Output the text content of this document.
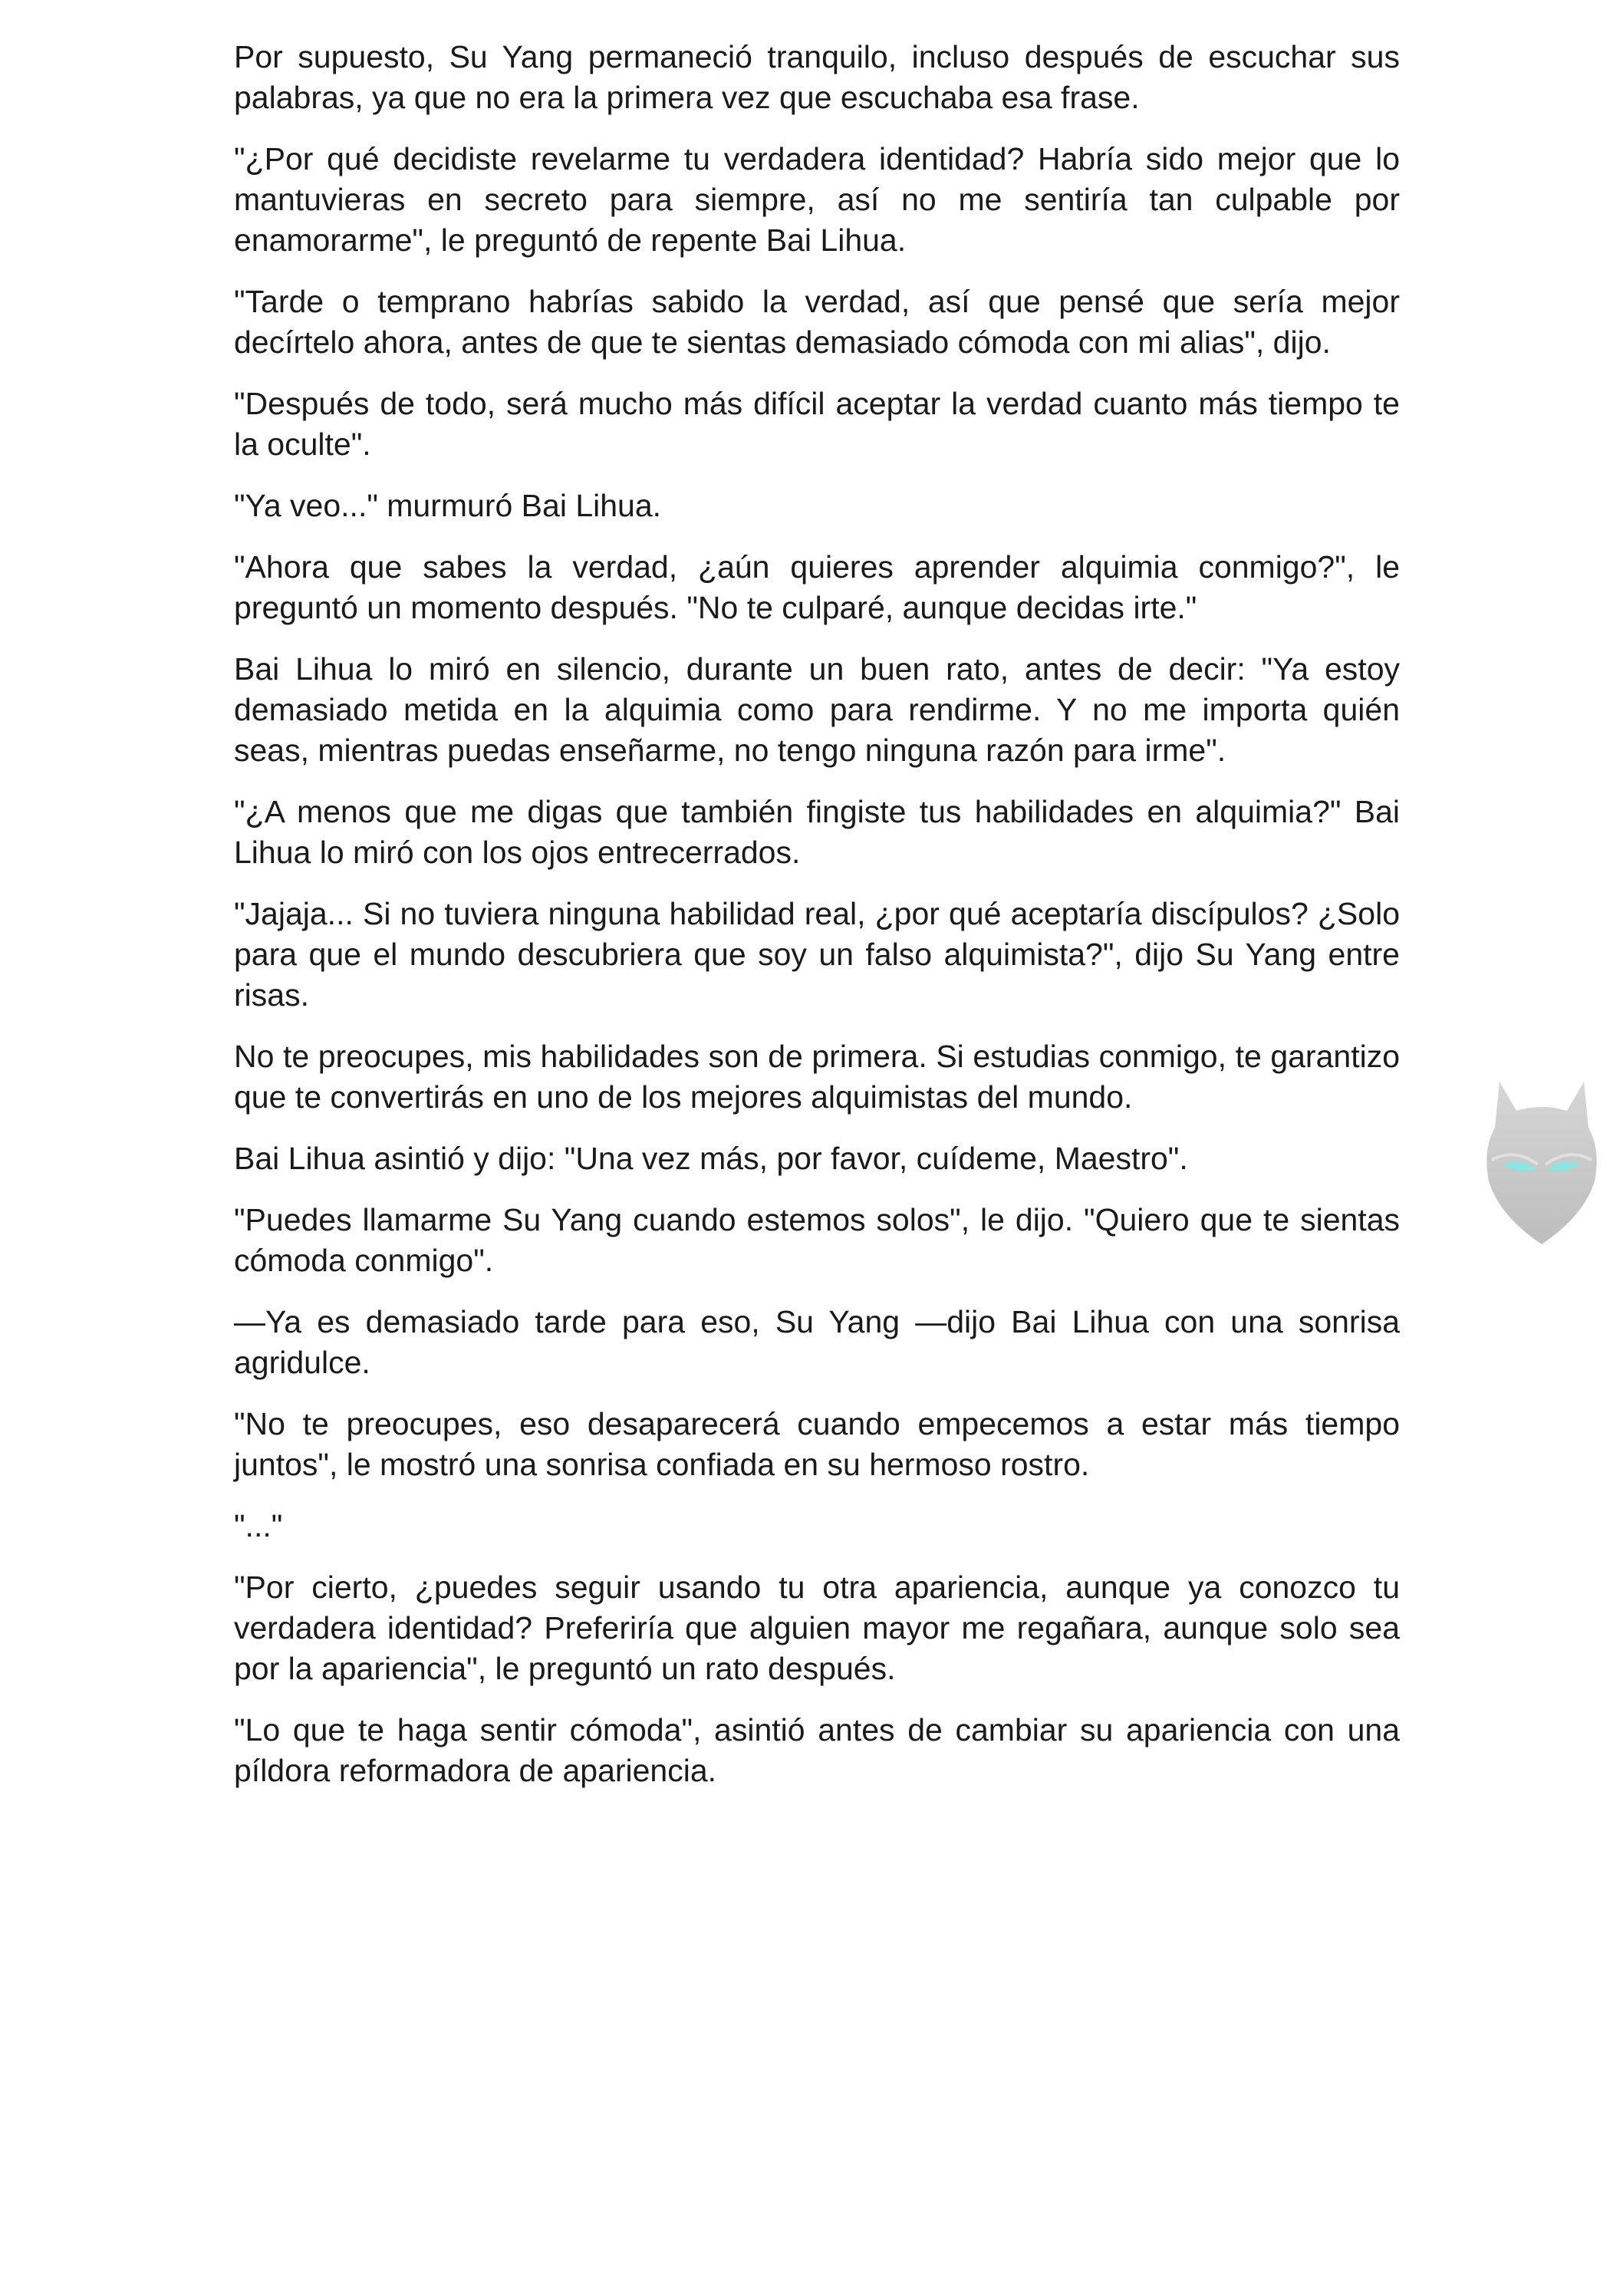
Por supuesto, Su Yang permaneció tranquilo, incluso después de escuchar sus palabras, ya que no era la primera vez que escuchaba esa frase.

"¿Por qué decidiste revelarme tu verdadera identidad? Habría sido mejor que lo mantuvieras en secreto para siempre, así no me sentiría tan culpable por enamorarme", le preguntó de repente Bai Lihua.

"Tarde o temprano habrías sabido la verdad, así que pensé que sería mejor decírtelo ahora, antes de que te sientas demasiado cómoda con mi alias", dijo.

"Después de todo, será mucho más difícil aceptar la verdad cuanto más tiempo te la oculte".

"Ya veo..." murmuró Bai Lihua.

"Ahora que sabes la verdad, ¿aún quieres aprender alquimia conmigo?", le preguntó un momento después. "No te culparé, aunque decidas irte."

Bai Lihua lo miró en silencio, durante un buen rato, antes de decir: "Ya estoy demasiado metida en la alquimia como para rendirme. Y no me importa quién seas, mientras puedas enseñarme, no tengo ninguna razón para irme".

"¿A menos que me digas que también fingiste tus habilidades en alquimia?" Bai Lihua lo miró con los ojos entrecerrados.

"Jajaja... Si no tuviera ninguna habilidad real, ¿por qué aceptaría discípulos? ¿Solo para que el mundo descubriera que soy un falso alquimista?", dijo Su Yang entre risas.

No te preocupes, mis habilidades son de primera. Si estudias conmigo, te garantizo que te convertirás en uno de los mejores alquimistas del mundo.

Bai Lihua asintió y dijo: "Una vez más, por favor, cuídeme, Maestro".

"Puedes llamarme Su Yang cuando estemos solos", le dijo. "Quiero que te sientas cómoda conmigo".

—Ya es demasiado tarde para eso, Su Yang —dijo Bai Lihua con una sonrisa agridulce.

"No te preocupes, eso desaparecerá cuando empecemos a estar más tiempo juntos", le mostró una sonrisa confiada en su hermoso rostro.

"..."

"Por cierto, ¿puedes seguir usando tu otra apariencia, aunque ya conozco tu verdadera identidad? Preferiría que alguien mayor me regañara, aunque solo sea por la apariencia", le preguntó un rato después.

"Lo que te haga sentir cómoda", asintió antes de cambiar su apariencia con una píldora reformadora de apariencia.
